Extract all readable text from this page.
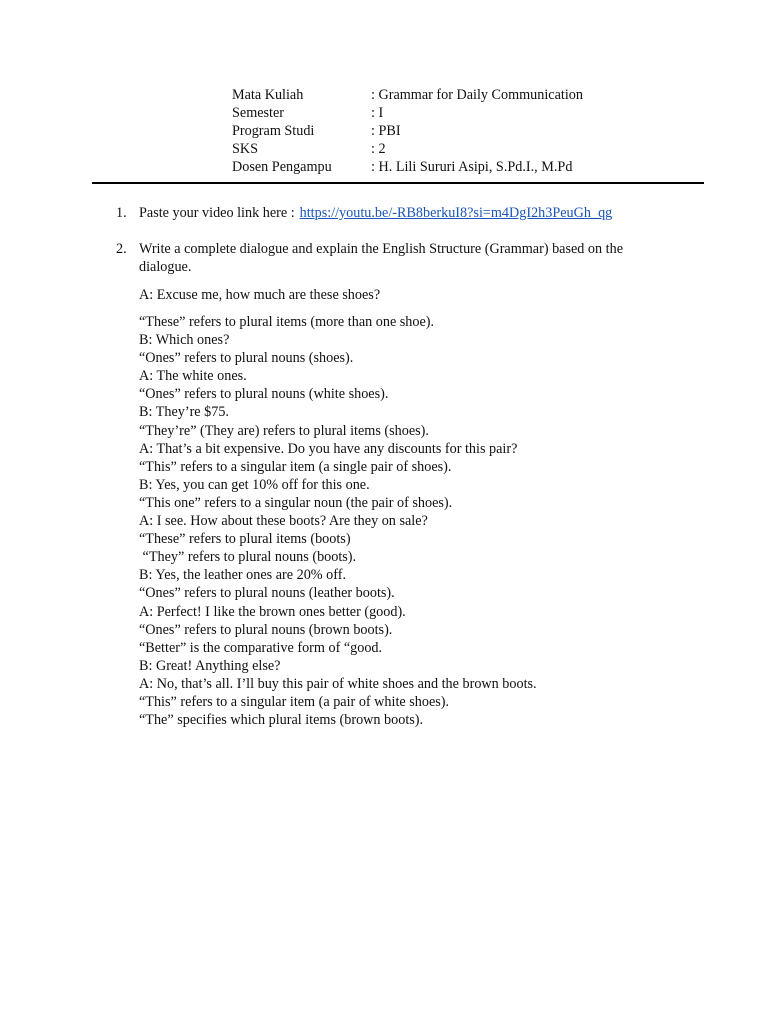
Mata Kuliah	: Grammar for Daily Communication
Semester	: I
Program Studi	: PBI
SKS	: 2
Dosen Pengampu	: H. Lili Sururi Asipi, S.Pd.I., M.Pd
1. Paste your video link here : https://youtu.be/-RB8berkuI8?si=m4DgI2h3PeuGh_qg
2. Write a complete dialogue and explain the English Structure (Grammar) based on the dialogue.
A: Excuse me, how much are these shoes?
“These” refers to plural items (more than one shoe).
B: Which ones?
“Ones” refers to plural nouns (shoes).
A: The white ones.
“Ones” refers to plural nouns (white shoes).
B: They’re $75.
“They’re” (They are) refers to plural items (shoes).
A: That’s a bit expensive. Do you have any discounts for this pair?
“This” refers to a singular item (a single pair of shoes).
B: Yes, you can get 10% off for this one.
“This one” refers to a singular noun (the pair of shoes).
A: I see. How about these boots? Are they on sale?
“These” refers to plural items (boots)
“They” refers to plural nouns (boots).
B: Yes, the leather ones are 20% off.
“Ones” refers to plural nouns (leather boots).
A: Perfect! I like the brown ones better (good).
“Ones” refers to plural nouns (brown boots).
“Better” is the comparative form of “good.
B: Great! Anything else?
A: No, that’s all. I’ll buy this pair of white shoes and the brown boots.
“This” refers to a singular item (a pair of white shoes).
“The” specifies which plural items (brown boots).
